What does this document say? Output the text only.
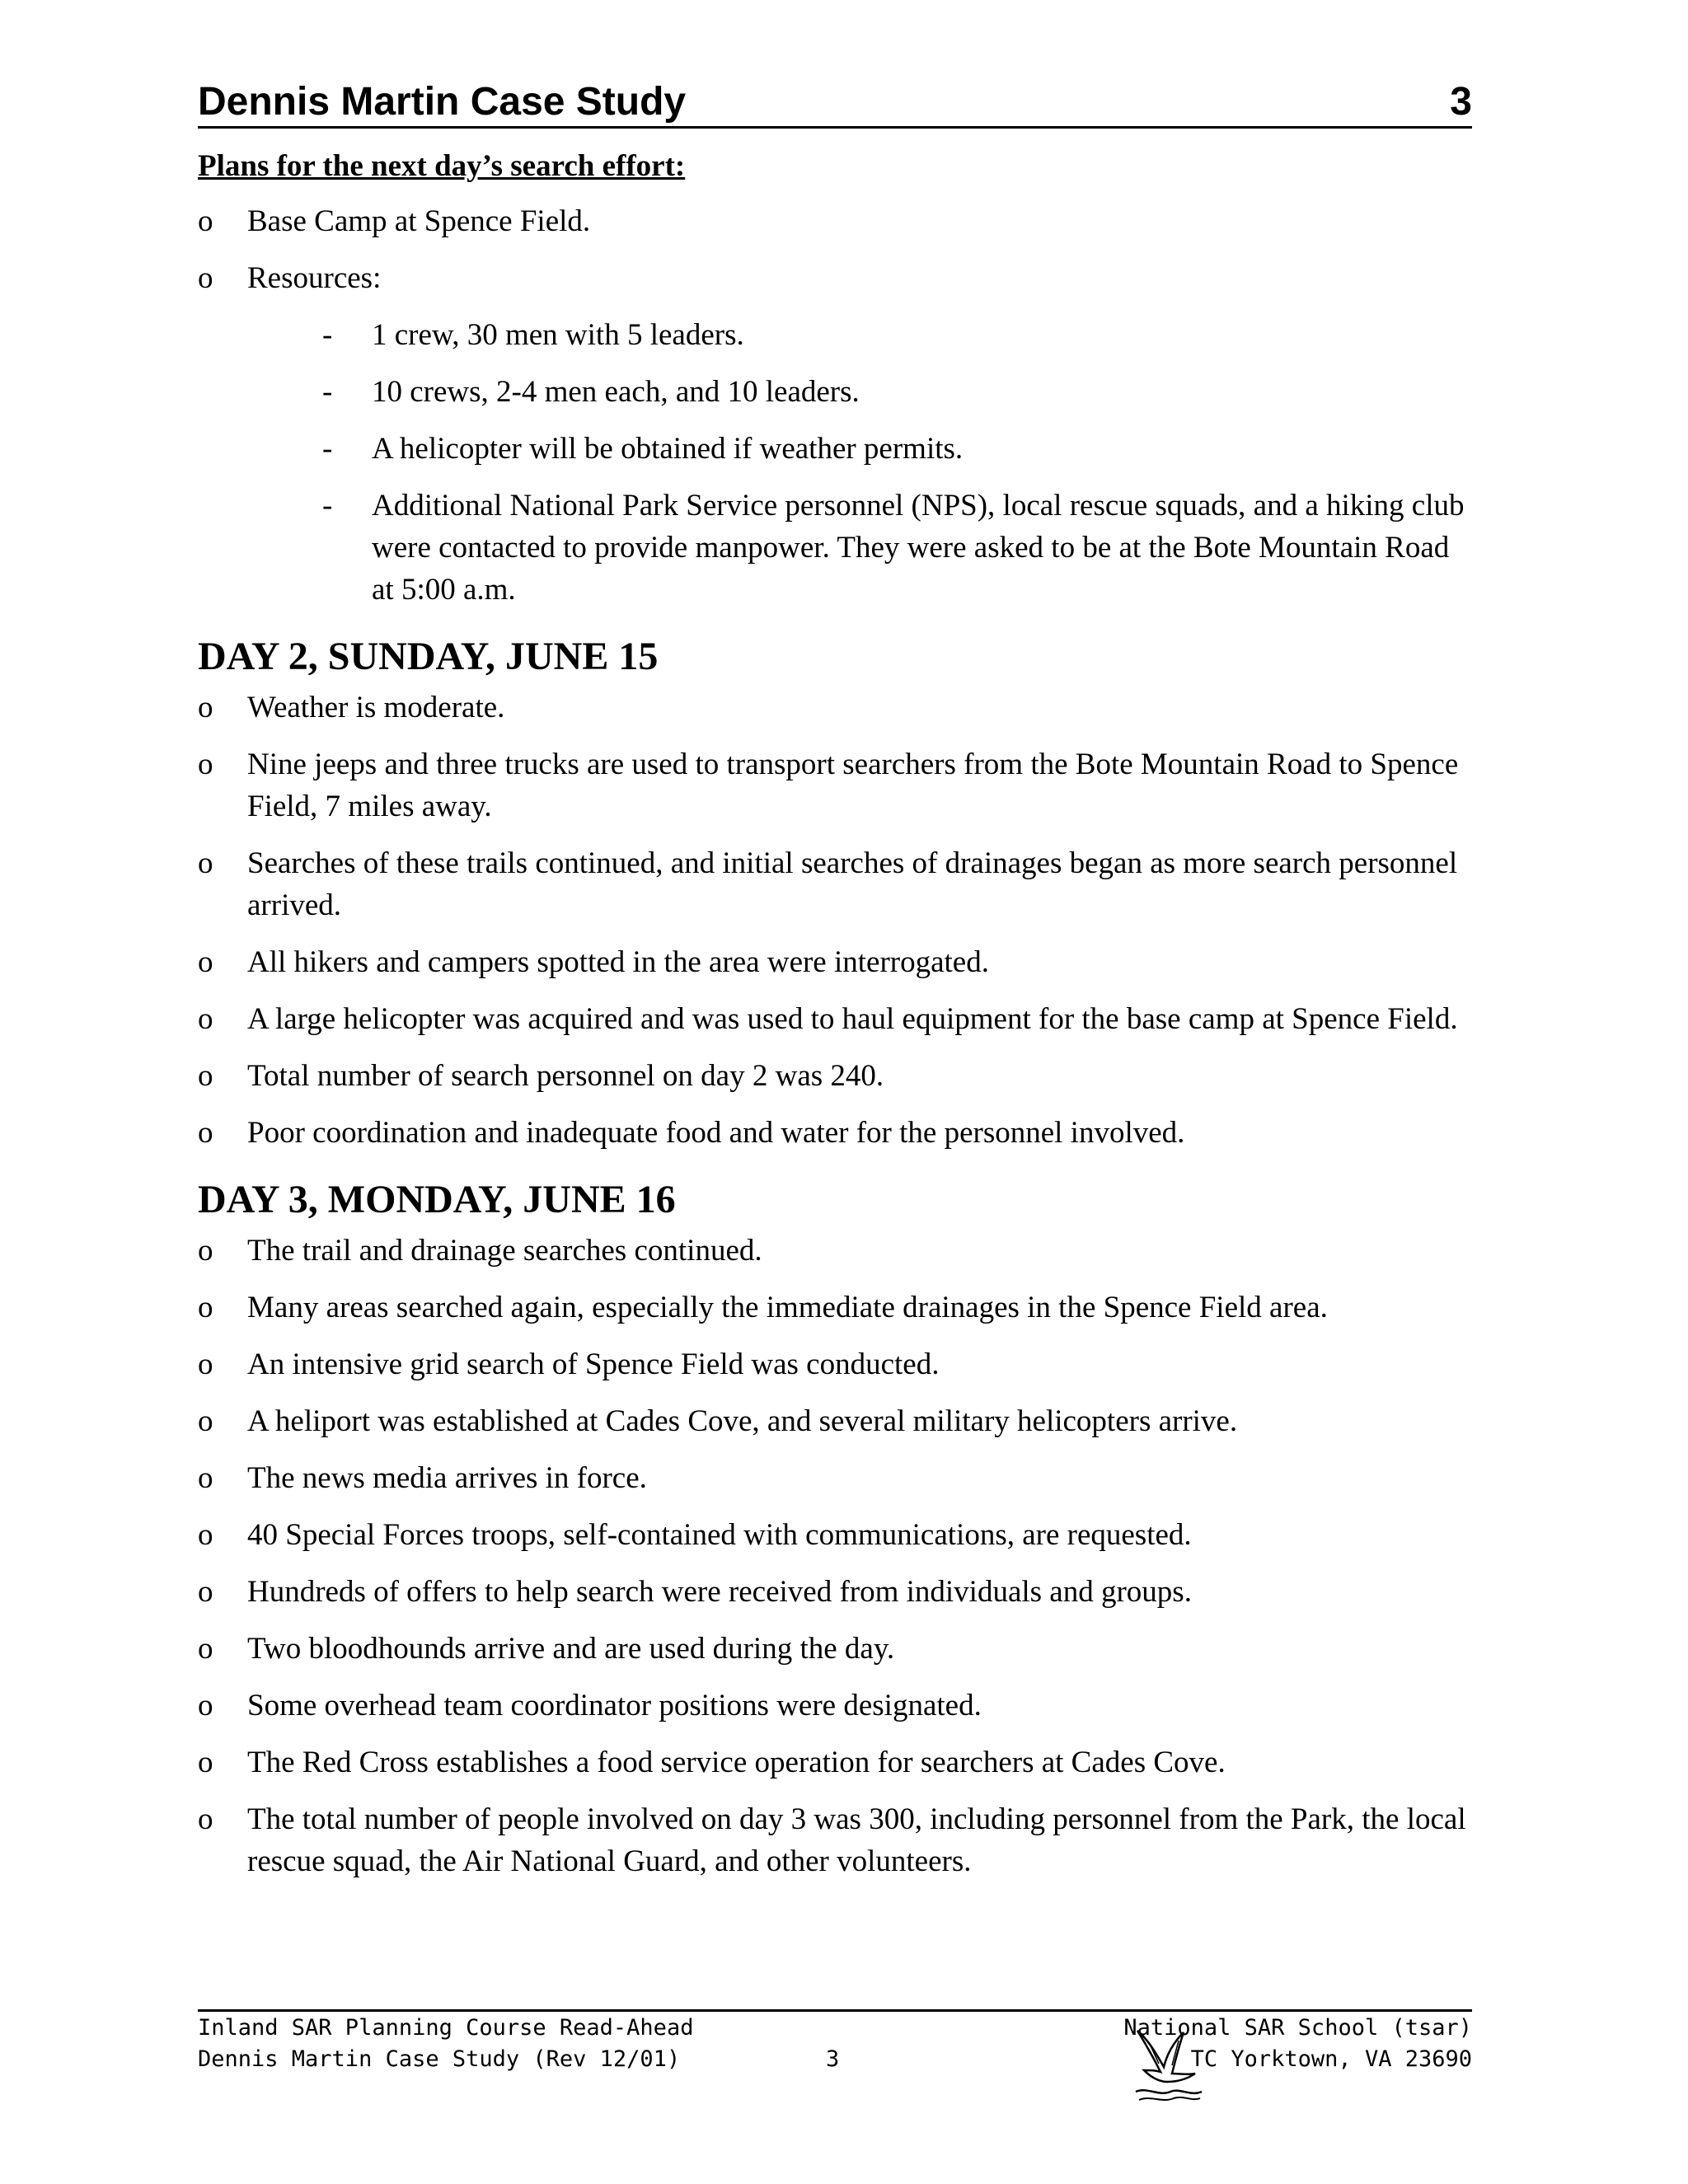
Dennis Martin Case Study	3
Plans for the next day’s search effort:
o Base Camp at Spence Field.
o Resources:
- 1 crew, 30 men with 5 leaders.
- 10 crews, 2-4 men each, and 10 leaders.
- A helicopter will be obtained if weather permits.
- Additional National Park Service personnel (NPS), local rescue squads, and a hiking club were contacted to provide manpower. They were asked to be at the Bote Mountain Road at 5:00 a.m.
DAY 2, SUNDAY, JUNE 15
o Weather is moderate.
o Nine jeeps and three trucks are used to transport searchers from the Bote Mountain Road to Spence Field, 7 miles away.
o Searches of these trails continued, and initial searches of drainages began as more search personnel arrived.
o All hikers and campers spotted in the area were interrogated.
o A large helicopter was acquired and was used to haul equipment for the base camp at Spence Field.
o Total number of search personnel on day 2 was 240.
o Poor coordination and inadequate food and water for the personnel involved.
DAY 3, MONDAY, JUNE 16
o The trail and drainage searches continued.
o Many areas searched again, especially the immediate drainages in the Spence Field area.
o An intensive grid search of Spence Field was conducted.
o A heliport was established at Cades Cove, and several military helicopters arrive.
o The news media arrives in force.
o 40 Special Forces troops, self-contained with communications, are requested.
o Hundreds of offers to help search were received from individuals and groups.
o Two bloodhounds arrive and are used during the day.
o Some overhead team coordinator positions were designated.
o The Red Cross establishes a food service operation for searchers at Cades Cove.
o The total number of people involved on day 3 was 300, including personnel from the Park, the local rescue squad, the Air National Guard, and other volunteers.
Inland SAR Planning Course Read-Ahead
Dennis Martin Case Study (Rev 12/01)	3
National SAR School (tsar)
TC Yorktown, VA 23690
